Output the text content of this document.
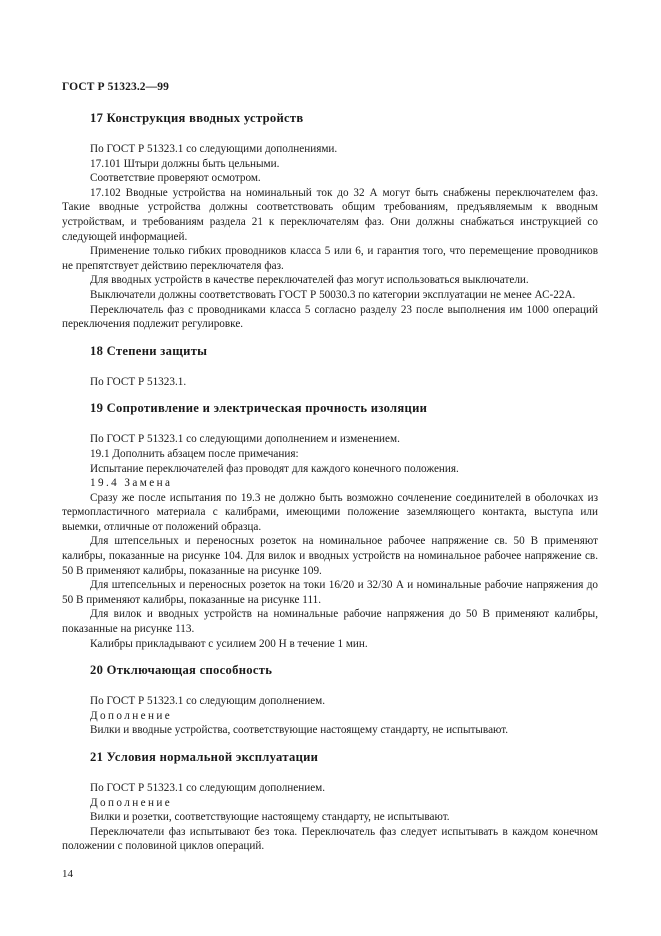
ГОСТ Р 51323.2—99
17 Конструкция вводных устройств

По ГОСТ Р 51323.1 со следующими дополнениями.

17.101 Штыри должны быть цельными.

Соответствие проверяют осмотром.

17.102 Вводные устройства на номинальный ток до 32 А могут быть снабжены переключателем фаз. Такие вводные устройства должны соответствовать общим требованиям, предъявляемым к вводным устройствам, и требованиям раздела 21 к переключателям фаз. Они должны снабжаться инструкцией со следующей информацией.

Применение только гибких проводников класса 5 или 6, и гарантия того, что перемещение проводников не препятствует действию переключателя фаз.

Для вводных устройств в качестве переключателей фаз могут использоваться выключатели.

Выключатели должны соответствовать ГОСТ Р 50030.3 по категории эксплуатации не менее АС-22А.

Переключатель фаз с проводниками класса 5 согласно разделу 23 после выполнения им 1000 операций переключения подлежит регулировке.

18 Степени защиты

По ГОСТ Р 51323.1.

19 Сопротивление и электрическая прочность изоляции

По ГОСТ Р 51323.1 со следующими дополнением и изменением.

19.1 Дополнить абзацем после примечания:

Испытание переключателей фаз проводят для каждого конечного положения.

19.4 Замена

Сразу же после испытания по 19.3 не должно быть возможно сочленение соединителей в оболочках из термопластичного материала с калибрами, имеющими положение заземляющего контакта, выступа или выемки, отличные от положений образца.

Для штепсельных и переносных розеток на номинальное рабочее напряжение св. 50 В применяют калибры, показанные на рисунке 104. Для вилок и вводных устройств на номинальное рабочее напряжение св. 50 В применяют калибры, показанные на рисунке 109.

Для штепсельных и переносных розеток на токи 16/20 и 32/30 А и номинальные рабочие напряжения до 50 В применяют калибры, показанные на рисунке 111.

Для вилок и вводных устройств на номинальные рабочие напряжения до 50 В применяют калибры, показанные на рисунке 113.

Калибры прикладывают с усилием 200 Н в течение 1 мин.

20 Отключающая способность

По ГОСТ Р 51323.1 со следующим дополнением.

Дополнение

Вилки и вводные устройства, соответствующие настоящему стандарту, не испытывают.

21 Условия нормальной эксплуатации

По ГОСТ Р 51323.1 со следующим дополнением.

Дополнение

Вилки и розетки, соответствующие настоящему стандарту, не испытывают.

Переключатели фаз испытывают без тока. Переключатель фаз следует испытывать в каждом конечном положении с половиной циклов операций.

14
